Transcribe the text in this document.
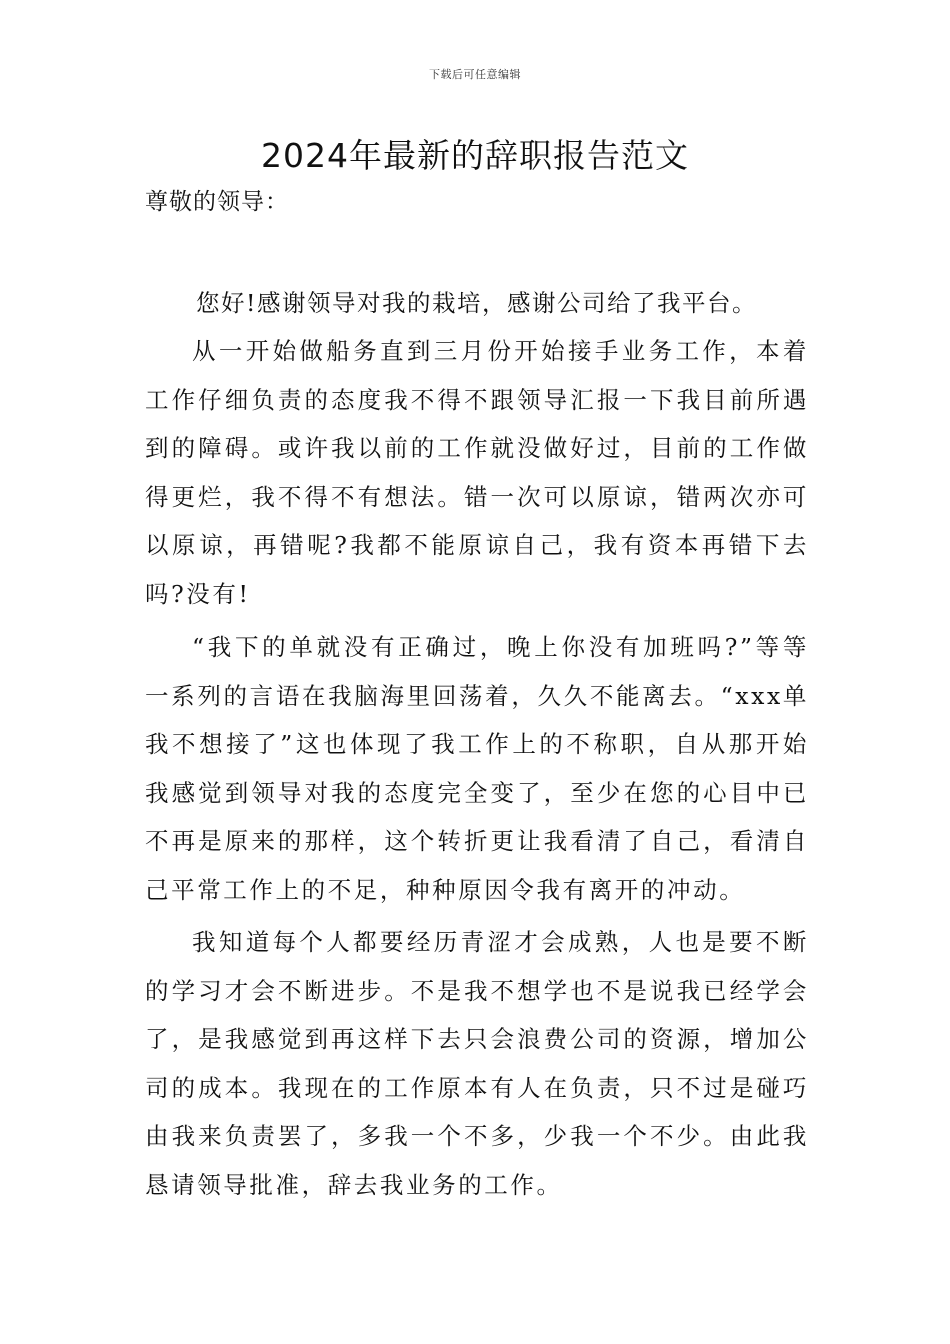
下载后可任意编辑
2024年最新的辞职报告范文
尊敬的领导：
您好!感谢领导对我的栽培，感谢公司给了我平台。

从一开始做船务直到三月份开始接手业务工作，本着工作仔细负责的态度我不得不跟领导汇报一下我目前所遇到的障碍。或许我以前的工作就没做好过，目前的工作做得更烂，我不得不有想法。错一次可以原谅，错两次亦可以原谅，再错呢?我都不能原谅自己，我有资本再错下去吗?没有!

“我下的单就没有正确过，晚上你没有加班吗?”等等一系列的言语在我脑海里回荡着，久久不能离去。“xxx单我不想接了”这也体现了我工作上的不称职，自从那开始我感觉到领导对我的态度完全变了，至少在您的心目中已不再是原来的那样，这个转折更让我看清了自己，看清自己平常工作上的不足，种种原因令我有离开的冲动。

我知道每个人都要经历青涩才会成熟，人也是要不断的学习才会不断进步。不是我不想学也不是说我已经学会了，是我感觉到再这样下去只会浪费公司的资源，增加公司的成本。我现在的工作原本有人在负责，只不过是碰巧由我来负责罢了，多我一个不多，少我一个不少。由此我恳请领导批准，辞去我业务的工作。
